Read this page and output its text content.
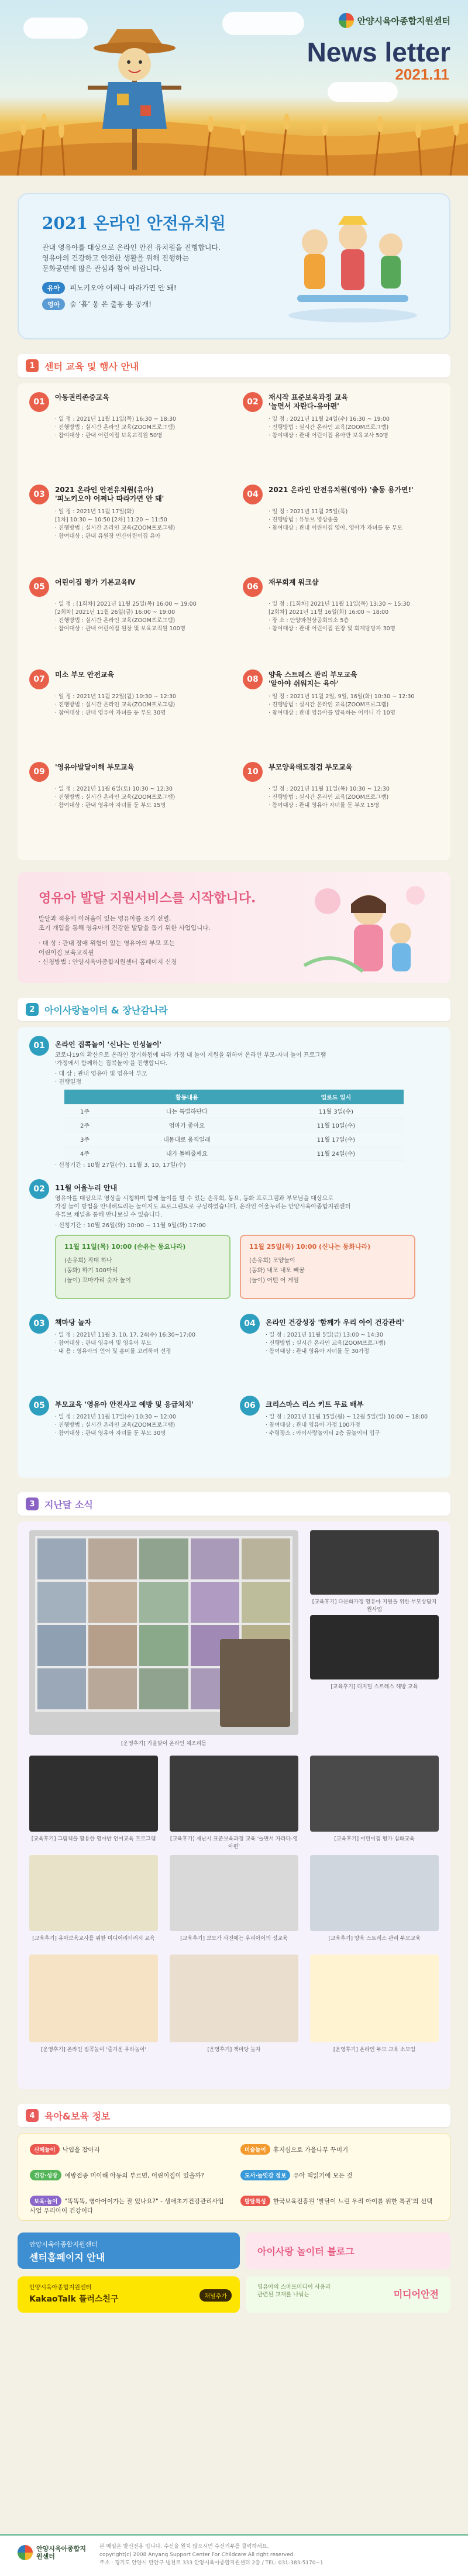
안양시육아종합지원센터
News letter
2021.11
2021 온라인 안전유치원
관내 영유아를 대상으로 온라인 안전 유치원을 진행합니다.
영유아의 건강하고 안전한 생활을 위해 진행하는
문화공연에 많은 관심과 참여 바랍니다.
유아 피노키오야 어쩌나 따라가면 안 돼!
영아 숲 ‘흡’ 웅 은 출동 용 공개!
1	센터 교육 및 행사 안내
01	아동권리존중교육
· 일 정 : 2021년 11월 11일(목) 16:30 ~ 18:30
· 진행방법 : 실시간 온라인 교육(ZOOM프로그램)
· 참여대상 : 관내 어린이집 보육교직원 50명
02	재시작 표준보육과정 교육
'놀면서 자란다-유아편'
· 일 정 : 2021년 11월 24일(수) 16:30 ~ 19:00
· 진행방법 : 실시간 온라인 교육(ZOOM프로그램)
· 참여대상 : 관내 어린이집 유아반 보육교사 50명
03	2021 온라인 안전유치원(유아)
'피노키오야 어쩌나 따라가면 안 돼'
· 일 정 : 2021년 11월 17일(화)
[1차] 10:30 ~ 10:50 [2차] 11:20 ~ 11:50
· 진행방법 : 실시간 온라인 교육(ZOOM프로그램)
· 참여대상 : 관내 유원장 민간어린이집 유아
04	2021 온라인 안전유치원(영아) '출동 용가면!'
· 일 정 : 2021년 11월 25일(목)
· 진행방법 : 유튜브 영상송출
· 참여대상 : 관내 어린이집 영아, 영아가 자녀를 둔 부모
05	어린이집 평가 기본교육Ⅳ
· 일 정 : [1회차] 2021년 11월 25일(목) 16:00 ~ 19:00
[2회차] 2021년 11월 26일(금) 16:00 ~ 19:00
· 진행방법 : 실시간 온라인 교육(ZOOM프로그램)
· 참여대상 : 관내 어린이집 원장 및 보육교직원 100명
06	재무회계 워크샵
· 일 정 : [1회차] 2021년 11월 11일(목) 13:30 ~ 15:30
[2회차] 2021년 11월 16일(화) 16:00 ~ 18:00
· 장 소 : 안양과천상공회의소 5층
· 참여대상 : 관내 어린이집 원장 및 회계담당자 30명
07	미소 부모 안전교육
· 일 정 : 2021년 11월 22일(월) 10:30 ~ 12:30
· 진행방법 : 실시간 온라인 교육(ZOOM프로그램)
· 참여대상 : 관내 영유아 자녀를 둔 부모 30명
08	양육 스트레스 관리 부모교육
'알아야 쉬워지는 육아'
· 일 정 : 2021년 11월 2일, 9일, 16일(화) 10:30 ~ 12:30
· 진행방법 : 실시간 온라인 교육(ZOOM프로그램)
· 참여대상 : 관내 영유아를 양육하는 어머니 각 10명
09	'영유아발달이해 부모교육
· 일 정 : 2021년 11월 6일(토) 10:30 ~ 12:30
· 진행방법 : 실시간 온라인 교육(ZOOM프로그램)
· 참여대상 : 관내 영유아 자녀를 둔 부모 15명
10	부모양육태도점검 부모교육
· 일 정 : 2021년 11월 11일(목) 10:30 ~ 12:30
· 진행방법 : 실시간 온라인 교육(ZOOM프로그램)
· 참여대상 : 관내 영유아 자녀를 둔 부모 15명
영유아 발달 지원서비스를 시작합니다.
발달과 적응에 어려움이 있는 영유아를 조기 선별,
조기 개입을 통해 영유아의 건강한 발달을 돕기 위한 사업입니다.
· 대 상 : 관내 장애 위험이 있는 영유아의 부모 또는
어린이집 보육교직원
· 신청방법 : 안양시육아종합지원센터 홈페이지 신청
2	아이사랑놀이터 & 장난감나라
01	온라인 집콕놀이 '신나는 인성놀이'
코로나19의 확산으로 온라인 장기화됨에 따라 가정 내 놀이 지원을 위하여 온라인 부모-자녀 놀이 프로그램
'가정에서 함께하는 집콕놀이'을 진행합니다.
· 대 상 : 관내 영유아 및 영유아 부모
· 진행일정
	활동내용	업로드 일시
1주	나는 특별하단다	11월 3일(수)
2주	엄마가 좋아요	11월 10일(수)
3주	내몸대로 움직일래	11월 17일(수)
4주	내가 돌봐줄께요	11월 24일(수)
· 신청기간 : 10월 27일(수), 11월 3, 10, 17일(수)
02	11월 어울누리 안내
영유아를 대상으로 영상을 시청하며 함께 놀이를 할 수 있는 손유희, 동요, 동화 프로그램과 부모님을 대상으로
가정 놀이 방법을 안내해드리는 놀이지도 프로그램으로 구성하였습니다. 온라인 어울누리는 안양시육아종합지원센터
유튜브 채널을 통해 만나보실 수 있습니다.
· 신청기간 : 10월 26일(화) 10:00 ~ 11월 9일(화) 17:00
11월 11일(목) 10:00 (손유는 동요나라)
(손유희) 작대 하나
(동화) 하기 100마리
(놀이) 꼬마가리 숫자 놀이
11월 25일(목) 10:00 (신나는 동화나라)
(손유희) 모양놀이
(동화) 내모 내모 빼꿈
(놀이) 어떤 어 게임
03	책마당 놀자
· 일 정 : 2021년 11월 3, 10, 17, 24(수) 16:30~17:00
· 참여대상 : 관내 영유아 및 영유아 부모
· 내 용 : 영유아의 언어 및 흥미를 고려하여 선정
04	온라인 건강성장 '함께가 우리 아이 건강관리'
· 일 정 : 2021년 11월 5일(금) 13:00 ~ 14:30
· 진행방법 : 실시간 온라인 교육(ZOOM프로그램)
· 참여대상 : 관내 영유아 자녀를 둔 30가정
05	부모교육 '영유아 안전사고 예방 및 응급처치'
· 일 정 : 2021년 11월 17일(수) 10:30 ~ 12:00
· 진행방법 : 실시간 온라인 교육(ZOOM프로그램)
· 참여대상 : 관내 영유아 자녀를 둔 부모 30명
06	크리스마스 리스 키트 무료 배부
· 일 정 : 2021년 11월 15일(월) ~ 12월 5일(일) 10:00 ~ 18:00
· 참여대상 : 관내 영유아 가정 100가정
· 수령장소 : 아이사랑놀이터 2층 꿈놀이터 입구
3	지난달 소식
[운영후기] 가을맞이 온라인 체조리듬
[교육후기] 다문화가정 영유아 지원을 위한 부모상담지원사업
[교육후기] 디지털 스트레스 해방 교육
[교육후기] 그림책을 활용한 영아반 언어교육 프로그램	[교육후기] 재난시 표준보육과정 교육 '놀면서 자라다-영아편'
[교육후기] 어린이집 평가 심화교육
[교육후기] 유아보육교사를 위한 미디어리터러시 교육	[교육후기] 보모가 사진에는 우리아이의 성교육	[교육후기] 양육 스트레스 관리 부모교육
[운영후기] 온라인 집콕놀이 '즐거운 우라놀이'	[운영후기] 책마당 놀자	[운영후기] 온라인 부모 교육 소모임
4	육아&보육 정보
신체놀이 낙엽을 잡아라	미술놀이 휴지심으로 가을나무 꾸미기
건강·성장 예방접종 미이해 아동의 부르면, 어린이집이 있을까?	도서·놀잇감 정보 유아 책읽기에 모든 것
보육·놀이 "똑똑똑, 영아어이가는 잘 있나요?" - 생애초기건강관리사업사업 우리아이 건강이다
발달특성 한국보육진흥원 '발달이 느린 우리 아이를 위한 특권'의 선택
안양시육아종합지원센터
센터홈페이지 안내
아이사랑 놀이터 블로그
안양시육아종합지원센터
KakaoTalk 플러스친구	채널추가
영유아의 스마트미디어 사용과
관련된 교재를 나눠는	미디어안전
안양시육아종합지원센터
본 메일은 발신전용 입니다. 수신을 원치 않으시면 수신거부를 클릭하세요.
copyright(c) 2008 Anyang Support Center For Childcare All right reserved.
주소 : 경기도 안양시 만안구 냉천로 333 안양시육아종합지원센터 2층 / TEL: 031-383-5170~1
